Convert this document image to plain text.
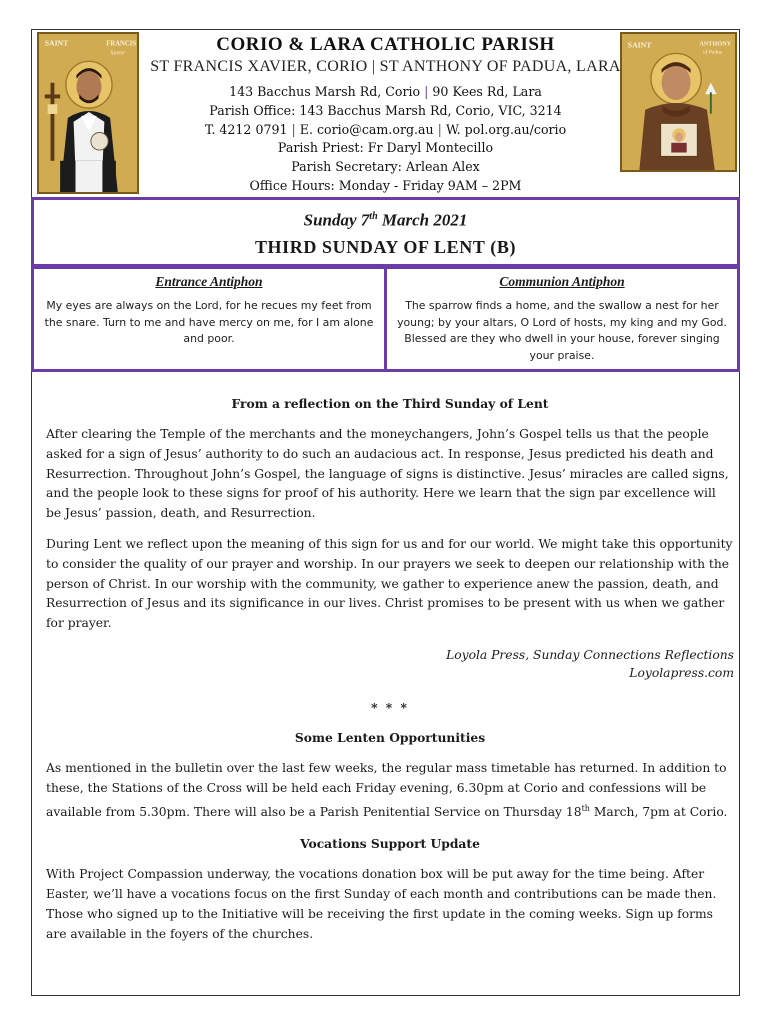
SAINT	FRANCIS
Xavier	CORIO & LARA CATHOLIC PARISH
ST FRANCIS XAVIER, CORIO | ST ANTHONY OF PADUA, LARA
143 Bacchus Marsh Rd, Corio | 90 Kees Rd, Lara
Parish Office: 143 Bacchus Marsh Rd, Corio, VIC, 3214
T. 4212 0791 | E. corio@cam.org.au | W. pol.org.au/corio
Parish Priest: Fr Daryl Montecillo
Parish Secretary: Arlean Alex
Office Hours: Monday - Friday 9AM – 2PM
SAINT	ANTHONY
of Padua
Sunday 7th March 2021
THIRD SUNDAY OF LENT (B)
Entrance Antiphon
My eyes are always on the Lord, for he recues my feet from the snare. Turn to me and have mercy on me, for I am alone and poor.
Communion Antiphon
The sparrow finds a home, and the swallow a nest for her young; by your altars, O Lord of hosts, my king and my God. Blessed are they who dwell in your house, forever singing your praise.
From a reflection on the Third Sunday of Lent

After clearing the Temple of the merchants and the moneychangers, John’s Gospel tells us that the people asked for a sign of Jesus’ authority to do such an audacious act. In response, Jesus predicted his death and Resurrection. Throughout John’s Gospel, the language of signs is distinctive. Jesus’ miracles are called signs, and the people look to these signs for proof of his authority. Here we learn that the sign par excellence will be Jesus’ passion, death, and Resurrection.

During Lent we reflect upon the meaning of this sign for us and for our world. We might take this opportunity to consider the quality of our prayer and worship. In our prayers we seek to deepen our relationship with the person of Christ. In our worship with the community, we gather to experience anew the passion, death, and Resurrection of Jesus and its significance in our lives. Christ promises to be present with us when we gather for prayer.

Loyola Press, Sunday Connections Reflections
Loyolapress.com
* * *
Some Lenten Opportunities

As mentioned in the bulletin over the last few weeks, the regular mass timetable has returned. In addition to these, the Stations of the Cross will be held each Friday evening, 6.30pm at Corio and confessions will be available from 5.30pm. There will also be a Parish Penitential Service on Thursday 18th March, 7pm at Corio.

Vocations Support Update

With Project Compassion underway, the vocations donation box will be put away for the time being. After Easter, we’ll have a vocations focus on the first Sunday of each month and contributions can be made then. Those who signed up to the Initiative will be receiving the first update in the coming weeks. Sign up forms are available in the foyers of the churches.
